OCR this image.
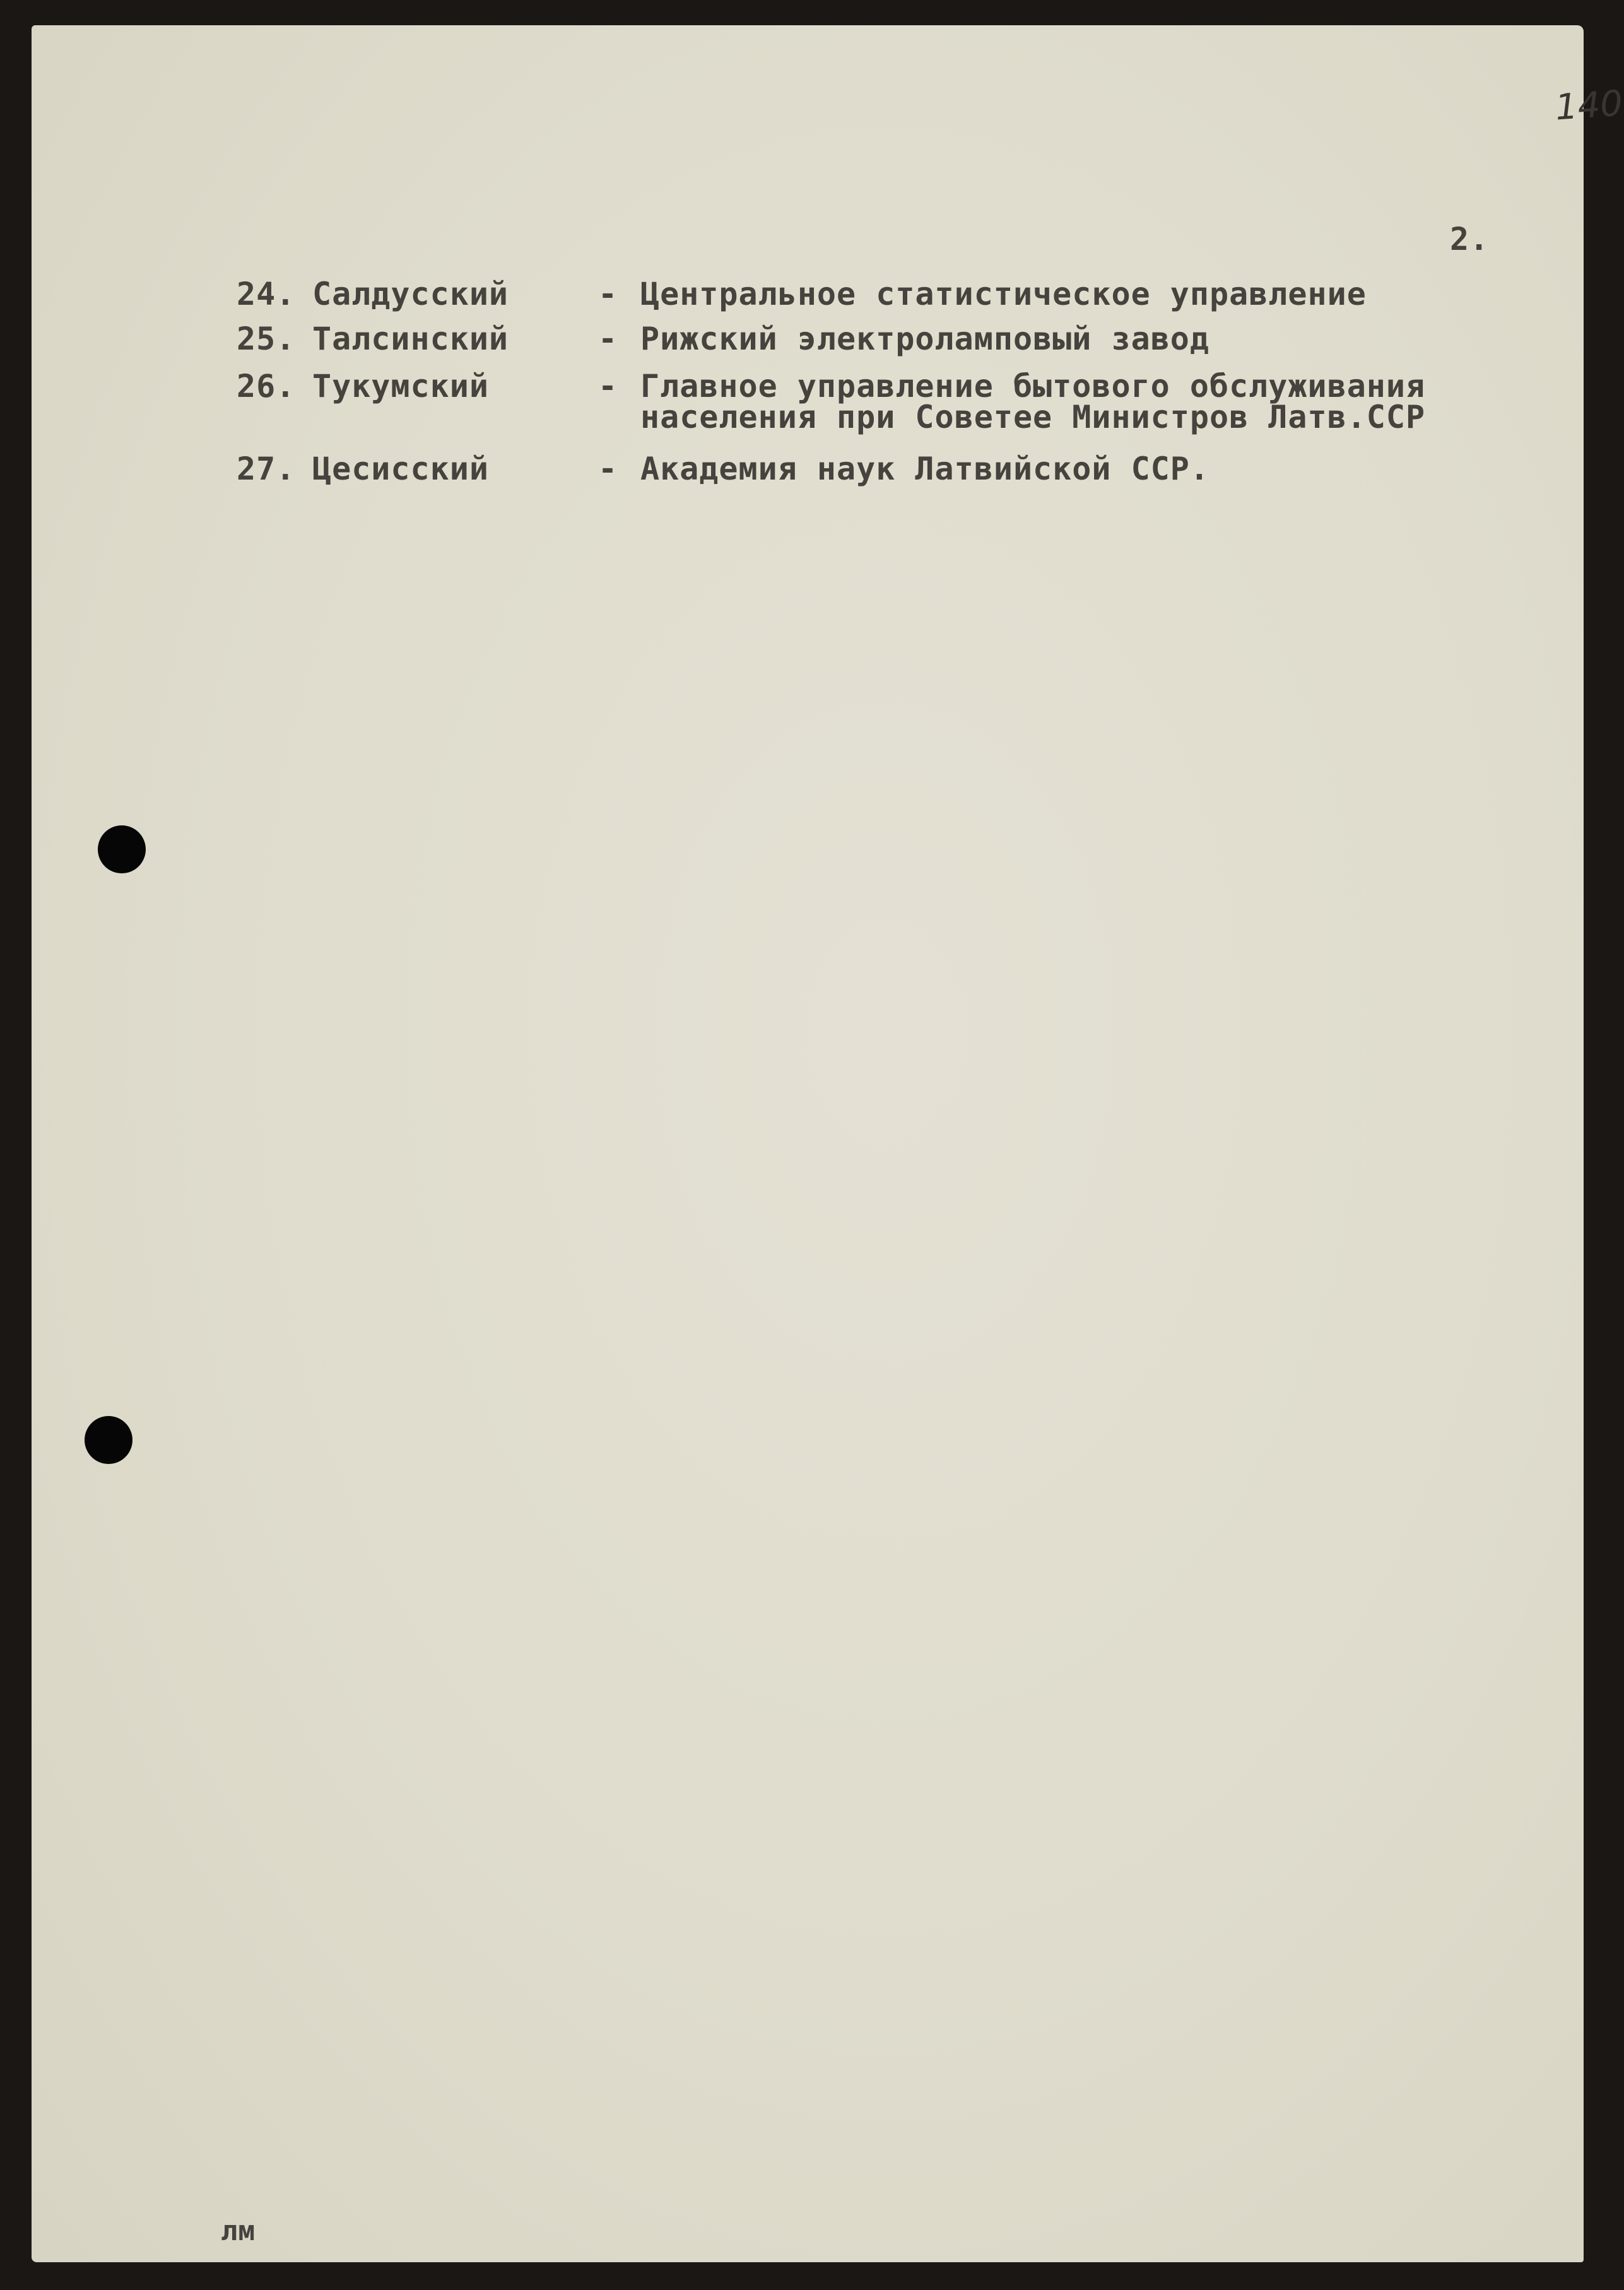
140
2.
24. Салдусский	- Центральное статистическое управление
25. Талсинский	- Рижский электроламповый завод
26. Тукумский	- Главное управление бытового обслуживания
населения при Советее Министров Латв.ССР
27. Цесисский	- Академия наук Латвийской ССР.
лм
